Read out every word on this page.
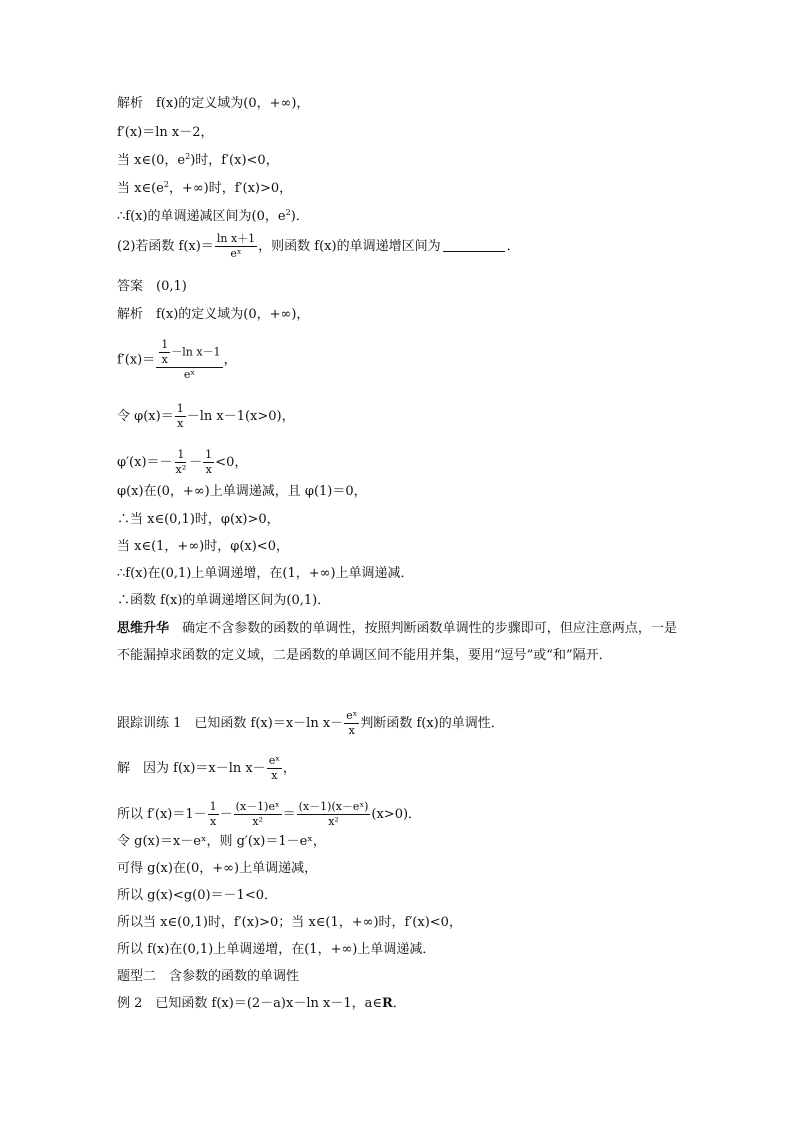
解析　f(x)的定义域为(0，+∞)，
f′(x)＝ln x－2，
当 x∈(0，$e^2$)时，f′(x)<0，
当 $x\in(e^2$，+∞)时，f′(x)>0，
∴f(x)的单调递减区间为(0，$e^2$)．
(2)若函数 $f(x)= \frac{\text{ln x＋1}}{\text{eˣ}}$ ，则函数 f(x)的单调递增区间为	．
答案　(0,1)
解析　f(x)的定义域为(0，+∞)，
$f'(x)= \frac{\frac{1}{x} -\ln x-1}{\text{eˣ}}$ ，
令 $\varphi(x)= \frac{1}{x} -\ln$ x－1(x>0)，
$\varphi'(x)=- \frac{1}{\text{x²}} - \frac{1}{x} <0$，
φ(x)在(0，+∞)上单调递减，且 φ(1)＝0，
∴当 x∈(0,1)时，φ(x)>0，
当 x∈(1，+∞)时，φ(x)<0，
∴f(x)在(0,1)上单调递增，在(1，+∞)上单调递减．
∴函数 f(x)的单调递增区间为(0,1)．
思维升华　确定不含参数的函数的单调性，按照判断函数单调性的步骤即可，但应注意两点，一是不能漏掉求函数的定义域，二是函数的单调区间不能用并集，要用“逗号”或“和”隔开．
跟踪训练 1　已知函数 f(x)＝x－ln $x- \frac{\text{eˣ}}{x}$ 判断函数 f(x)的单调性．
解　因为 f(x)＝x－ln $x- \frac{\text{eˣ}}{x}$ ，
所以 $f'(x)=1- \frac{1}{x} - \frac{\text{(x－1)eˣ}}{\text{x²}} = \frac{\text{(x－1)(x－eˣ)}}{\text{x²}} (x>0)$．
令 g(x)＝x－eˣ，则 g′(x)＝1－eˣ，
可得 g(x)在(0，+∞)上单调递减，
所以 g(x)<g(0)＝－1<0．
所以当 x∈(0,1)时，f′(x)>0；当 x∈(1，+∞)时，f′(x)<0，
所以 f(x)在(0,1)上单调递增，在(1，+∞)上单调递减．
题型二　含参数的函数的单调性
例 2　已知函数 f(x)＝(2－a)x－ln x－1，a∈R．
